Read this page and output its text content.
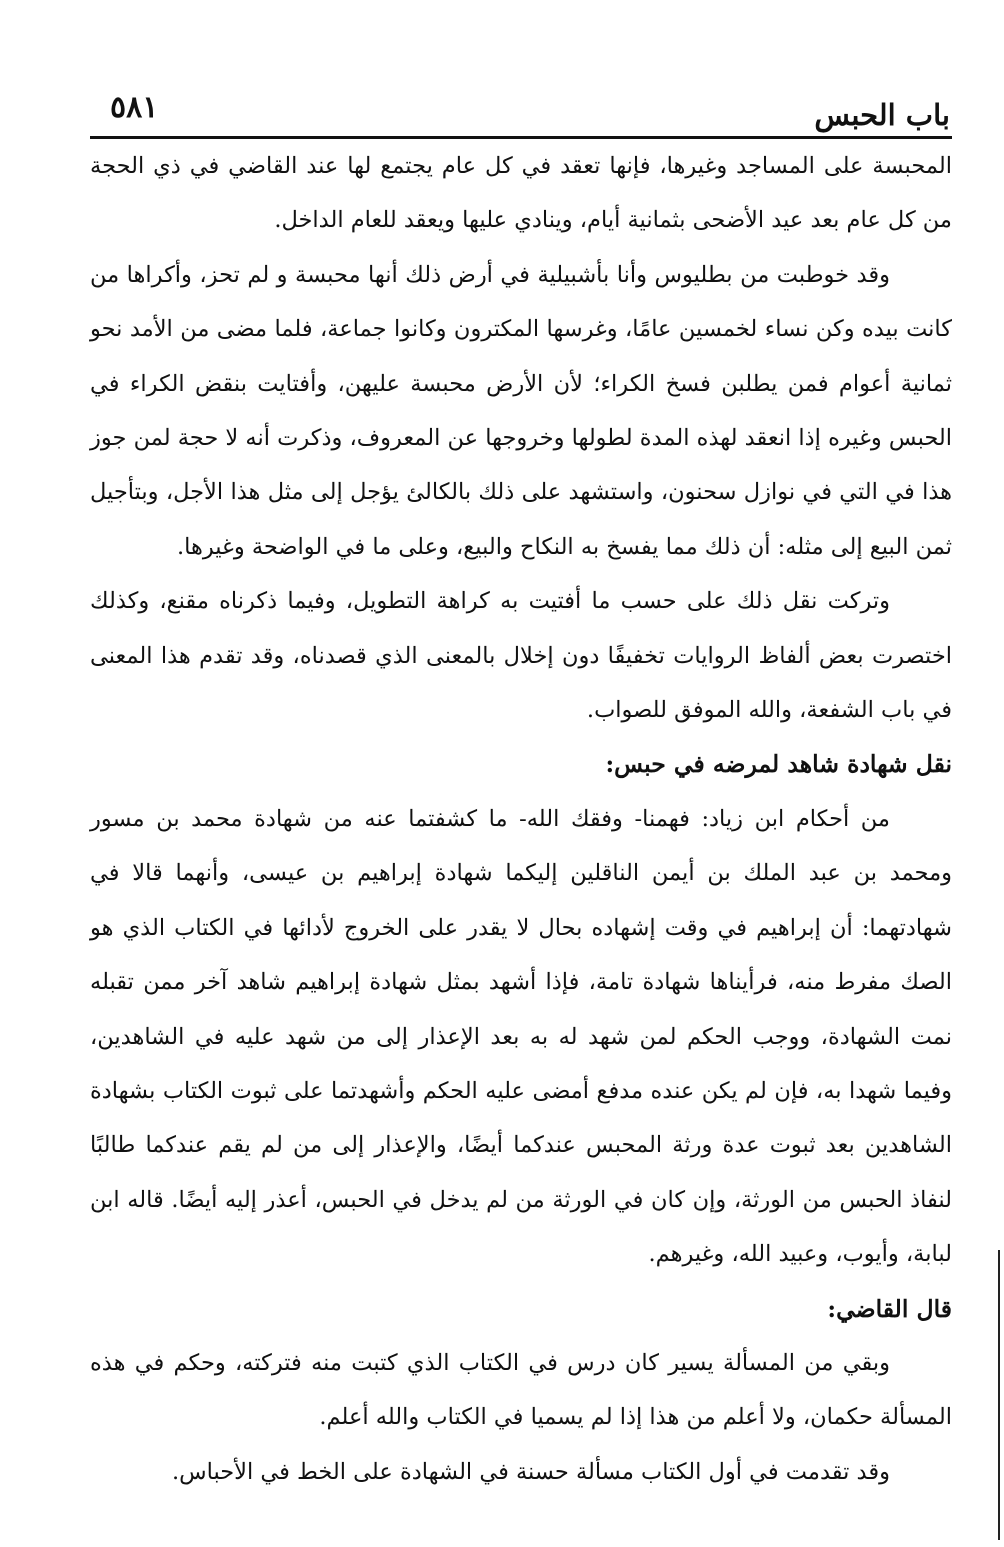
باب الحبس
٥٨١

المحبسة على المساجد وغيرها، فإنها تعقد في كل عام يجتمع لها عند القاضي في ذي الحجة من كل عام بعد عيد الأضحى بثمانية أيام، وينادي عليها ويعقد للعام الداخل.

وقد خوطبت من بطليوس وأنا بأشبيلية في أرض ذلك أنها محبسة و لم تحز، وأكراها من كانت بيده وكن نساء لخمسين عامًا، وغرسها المكترون وكانوا جماعة، فلما مضى من الأمد نحو ثمانية أعوام فمن يطلبن فسخ الكراء؛ لأن الأرض محبسة عليهن، وأفتايت بنقض الكراء في الحبس وغيره إذا انعقد لهذه المدة لطولها وخروجها عن المعروف، وذكرت أنه لا حجة لمن جوز هذا في التي في نوازل سحنون، واستشهد على ذلك بالكالئ يؤجل إلى مثل هذا الأجل، وبتأجيل ثمن البيع إلى مثله: أن ذلك مما يفسخ به النكاح والبيع، وعلى ما في الواضحة وغيرها.

وتركت نقل ذلك على حسب ما أفتيت به كراهة التطويل، وفيما ذكرناه مقنع، وكذلك اختصرت بعض ألفاظ الروايات تخفيفًا دون إخلال بالمعنى الذي قصدناه، وقد تقدم هذا المعنى في باب الشفعة، والله الموفق للصواب.

نقل شهادة شاهد لمرضه في حبس:

من أحكام ابن زياد: فهمنا- وفقك الله- ما كشفتما عنه من شهادة محمد بن مسور ومحمد بن عبد الملك بن أيمن الناقلين إليكما شهادة إبراهيم بن عيسى، وأنهما قالا في شهادتهما: أن إبراهيم في وقت إشهاده بحال لا يقدر على الخروج لأدائها في الكتاب الذي هو الصك مفرط منه، فرأيناها شهادة تامة، فإذا أشهد بمثل شهادة إبراهيم شاهد آخر ممن تقبله نمت الشهادة، ووجب الحكم لمن شهد له به بعد الإعذار إلى من شهد عليه في الشاهدين، وفيما شهدا به، فإن لم يكن عنده مدفع أمضى عليه الحكم وأشهدتما على ثبوت الكتاب بشهادة الشاهدين بعد ثبوت عدة ورثة المحبس عندكما أيضًا، والإعذار إلى من لم يقم عندكما طالبًا لنفاذ الحبس من الورثة، وإن كان في الورثة من لم يدخل في الحبس، أعذر إليه أيضًا. قاله ابن لبابة، وأيوب، وعبيد الله، وغيرهم.

قال القاضي:

وبقي من المسألة يسير كان درس في الكتاب الذي كتبت منه فتركته، وحكم في هذه المسألة حكمان، ولا أعلم من هذا إذا لم يسميا في الكتاب والله أعلم.

وقد تقدمت في أول الكتاب مسألة حسنة في الشهادة على الخط في الأحباس.
